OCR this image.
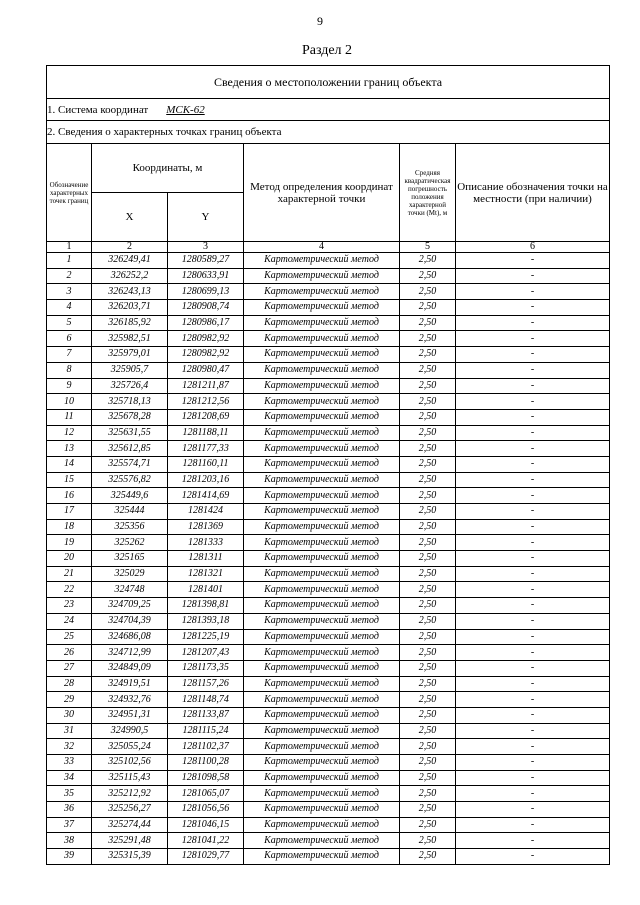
9
Раздел 2
Сведения о местоположении границ объекта					
1. Система координат МСК-62					
2. Сведения о характерных точках границ объекта					
Обозначение характерных точек границ	Координаты, м		Метод определения координат характерной точки	Средняя квадратическая погрешность положения характерной точки (Мt), м	Описание обозначения точки на местности (при наличии)
	X	Y			
1	2	3	4	5	6
1	326249,41	1280589,27	Картометрический метод	2,50	-
2	326252,2	1280633,91	Картометрический метод	2,50	-
3	326243,13	1280699,13	Картометрический метод	2,50	-
4	326203,71	1280908,74	Картометрический метод	2,50	-
5	326185,92	1280986,17	Картометрический метод	2,50	-
6	325982,51	1280982,92	Картометрический метод	2,50	-
7	325979,01	1280982,92	Картометрический метод	2,50	-
8	325905,7	1280980,47	Картометрический метод	2,50	-
9	325726,4	1281211,87	Картометрический метод	2,50	-
10	325718,13	1281212,56	Картометрический метод	2,50	-
11	325678,28	1281208,69	Картометрический метод	2,50	-
12	325631,55	1281188,11	Картометрический метод	2,50	-
13	325612,85	1281177,33	Картометрический метод	2,50	-
14	325574,71	1281160,11	Картометрический метод	2,50	-
15	325576,82	1281203,16	Картометрический метод	2,50	-
16	325449,6	1281414,69	Картометрический метод	2,50	-
17	325444	1281424	Картометрический метод	2,50	-
18	325356	1281369	Картометрический метод	2,50	-
19	325262	1281333	Картометрический метод	2,50	-
20	325165	1281311	Картометрический метод	2,50	-
21	325029	1281321	Картометрический метод	2,50	-
22	324748	1281401	Картометрический метод	2,50	-
23	324709,25	1281398,81	Картометрический метод	2,50	-
24	324704,39	1281393,18	Картометрический метод	2,50	-
25	324686,08	1281225,19	Картометрический метод	2,50	-
26	324712,99	1281207,43	Картометрический метод	2,50	-
27	324849,09	1281173,35	Картометрический метод	2,50	-
28	324919,51	1281157,26	Картометрический метод	2,50	-
29	324932,76	1281148,74	Картометрический метод	2,50	-
30	324951,31	1281133,87	Картометрический метод	2,50	-
31	324990,5	1281115,24	Картометрический метод	2,50	-
32	325055,24	1281102,37	Картометрический метод	2,50	-
33	325102,56	1281100,28	Картометрический метод	2,50	-
34	325115,43	1281098,58	Картометрический метод	2,50	-
35	325212,92	1281065,07	Картометрический метод	2,50	-
36	325256,27	1281056,56	Картометрический метод	2,50	-
37	325274,44	1281046,15	Картометрический метод	2,50	-
38	325291,48	1281041,22	Картометрический метод	2,50	-
39	325315,39	1281029,77	Картометрический метод	2,50	-
